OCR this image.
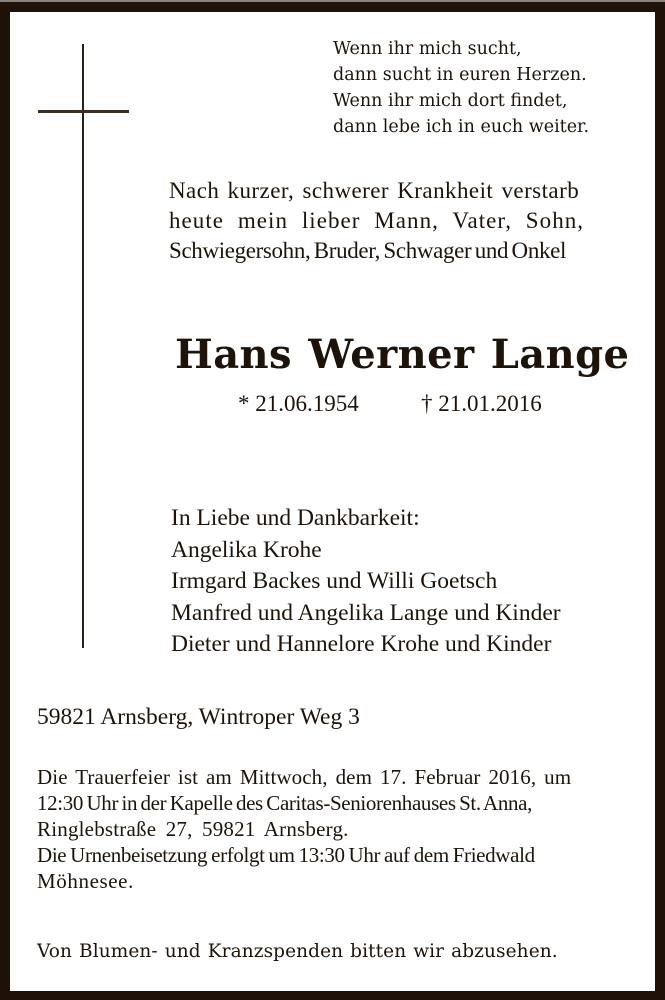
Wenn ihr mich sucht,
dann sucht in euren Herzen.
Wenn ihr mich dort findet,
dann lebe ich in euch weiter.
Nach kurzer, schwerer Krankheit verstarb
heute mein lieber Mann, Vater, Sohn,
Schwiegersohn, Bruder, Schwager und Onkel
Hans Werner Lange
* 21.06.1954	† 21.01.2016
In Liebe und Dankbarkeit:
Angelika Krohe
Irmgard Backes und Willi Goetsch
Manfred und Angelika Lange und Kinder
Dieter und Hannelore Krohe und Kinder
59821 Arnsberg, Wintroper Weg 3
Die Trauerfeier ist am Mittwoch, dem 17. Februar 2016, um
12:30 Uhr in der Kapelle des Caritas-Seniorenhauses St. Anna,
Ringlebstraße 27, 59821 Arnsberg.
Die Urnenbeisetzung erfolgt um 13:30 Uhr auf dem Friedwald
Möhnesee.
Von Blumen- und Kranzspenden bitten wir abzusehen.
